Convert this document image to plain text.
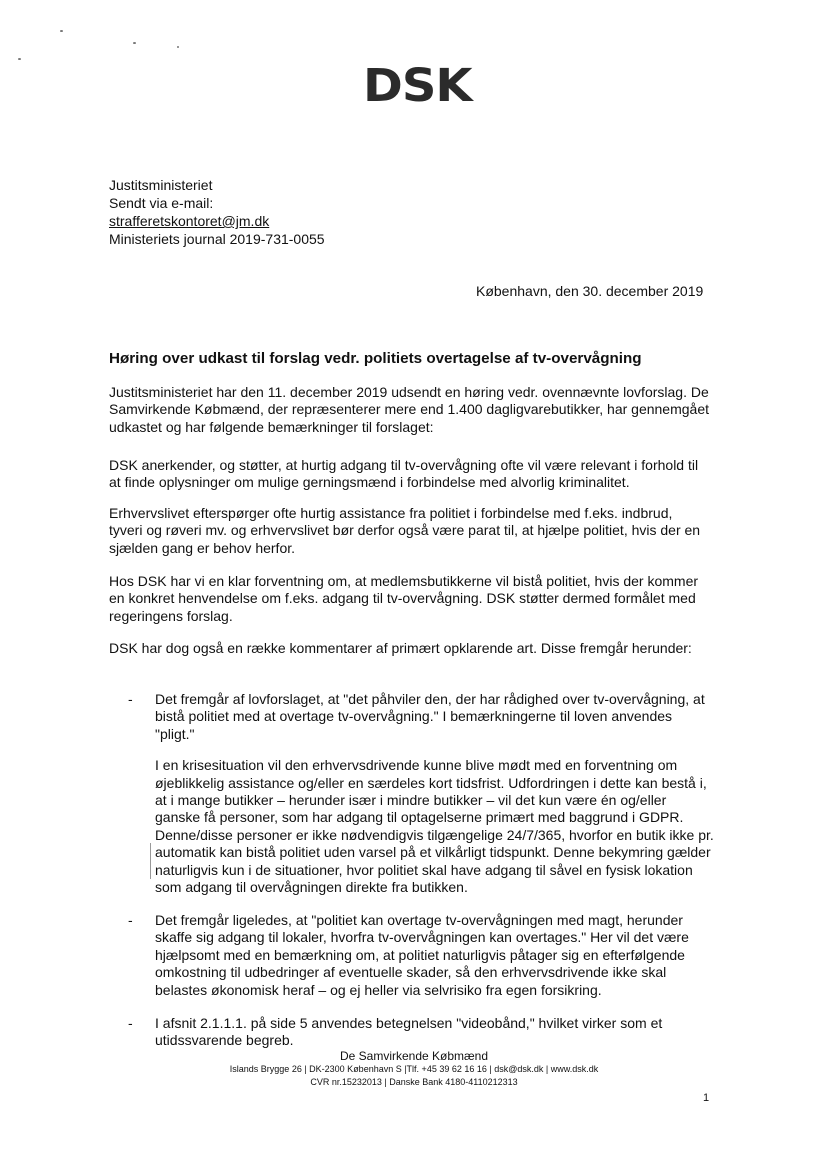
DSK
Justitsministeriet
Sendt via e-mail:
strafferetskontoret@jm.dk
Ministeriets journal 2019-731-0055
København, den 30. december 2019
Høring over udkast til forslag vedr. politiets overtagelse af tv-overvågning

Justitsministeriet har den 11. december 2019 udsendt en høring vedr. ovennævnte lovforslag. De Samvirkende Købmænd, der repræsenterer mere end 1.400 dagligvarebutikker, har gennemgået udkastet og har følgende bemærkninger til forslaget:

DSK anerkender, og støtter, at hurtig adgang til tv-overvågning ofte vil være relevant i forhold til at finde oplysninger om mulige gerningsmænd i forbindelse med alvorlig kriminalitet.

Erhvervslivet efterspørger ofte hurtig assistance fra politiet i forbindelse med f.eks. indbrud, tyveri og røveri mv. og erhvervslivet bør derfor også være parat til, at hjælpe politiet, hvis der en sjælden gang er behov herfor.

Hos DSK har vi en klar forventning om, at medlemsbutikkerne vil bistå politiet, hvis der kommer en konkret henvendelse om f.eks. adgang til tv-overvågning. DSK støtter dermed formålet med regeringens forslag.

DSK har dog også en række kommentarer af primært opklarende art. Disse fremgår herunder:

- Det fremgår af lovforslaget, at "det påhviler den, der har rådighed over tv-overvågning, at bistå politiet med at overtage tv-overvågning." I bemærkningerne til loven anvendes "pligt."

I en krisesituation vil den erhvervsdrivende kunne blive mødt med en forventning om øjeblikkelig assistance og/eller en særdeles kort tidsfrist. Udfordringen i dette kan bestå i, at i mange butikker – herunder især i mindre butikker – vil det kun være én og/eller ganske få personer, som har adgang til optagelserne primært med baggrund i GDPR. Denne/disse personer er ikke nødvendigvis tilgængelige 24/7/365, hvorfor en butik ikke pr. automatik kan bistå politiet uden varsel på et vilkårligt tidspunkt. Denne bekymring gælder naturligvis kun i de situationer, hvor politiet skal have adgang til såvel en fysisk lokation som adgang til overvågningen direkte fra butikken.

- Det fremgår ligeledes, at "politiet kan overtage tv-overvågningen med magt, herunder skaffe sig adgang til lokaler, hvorfra tv-overvågningen kan overtages." Her vil det være hjælpsomt med en bemærkning om, at politiet naturligvis påtager sig en efterfølgende omkostning til udbedringer af eventuelle skader, så den erhvervsdrivende ikke skal belastes økonomisk heraf – og ej heller via selvrisiko fra egen forsikring.

- I afsnit 2.1.1.1. på side 5 anvendes betegnelsen "videobånd," hvilket virker som et utidssvarende begreb.

De Samvirkende Købmænd
Islands Brygge 26 | DK-2300 København S |Tlf. +45 39 62 16 16 | dsk@dsk.dk | www.dsk.dk
CVR nr.15232013 | Danske Bank 4180-4110212313
1
